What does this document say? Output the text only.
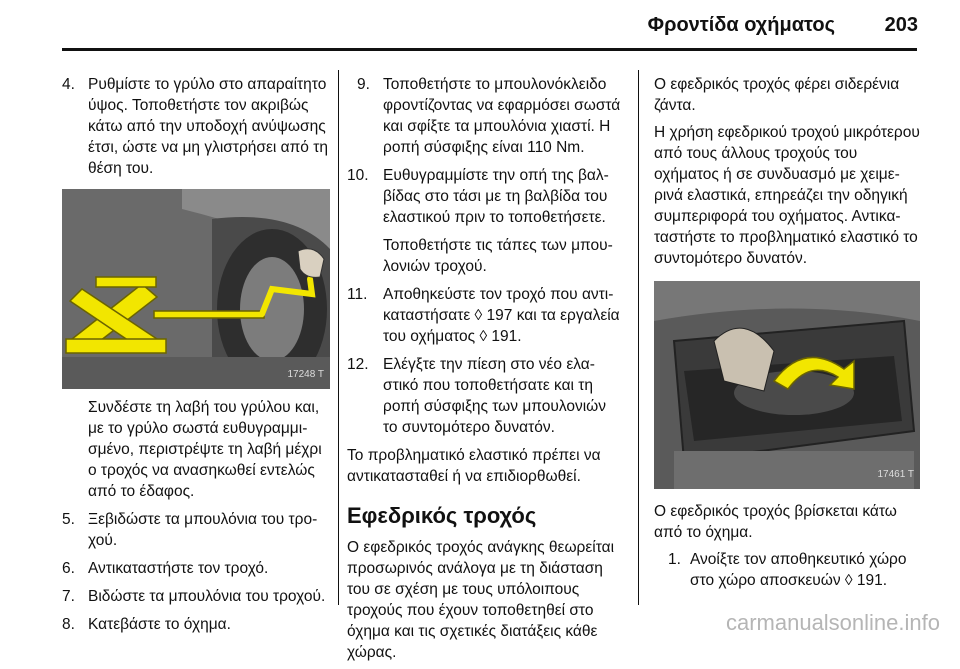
Φροντίδα οχήματος 203
4. Ρυθμίστε το γρύλο στο απαραίτητο ύψος. Τοποθετήστε τον ακριβώς κάτω από την υποδοχή ανύψωσης έτσι, ώστε να μη γλιστρήσει από τη θέση του.
17248 T
Συνδέστε τη λαβή του γρύλου και, με το γρύλο σωστά ευθυγραμμισμένο, περιστρέψτε τη λαβή μέχρι ο τροχός να ανασηκωθεί εντελώς από το έδαφος.
5. Ξεβιδώστε τα μπουλόνια του τροχού.
6. Αντικαταστήστε τον τροχό.
7. Βιδώστε τα μπουλόνια του τροχού.
8. Κατεβάστε το όχημα.
9. Τοποθετήστε το μπουλονόκλειδο φροντίζοντας να εφαρμόσει σωστά και σφίξτε τα μπουλόνια χιαστί. Η ροπή σύσφιξης είναι 110 Nm.
10. Ευθυγραμμίστε την οπή της βαλβίδας στο τάσι με τη βαλβίδα του ελαστικού πριν το τοποθετήσετε.
Τοποθετήστε τις τάπες των μπουλονιών τροχού.
11. Αποθηκεύστε τον τροχό που αντικαταστήσατε ◊ 197 και τα εργαλεία του οχήματος ◊ 191.
12. Ελέγξτε την πίεση στο νέο ελαστικό που τοποθετήσατε και τη ροπή σύσφιξης των μπουλονιών το συντομότερο δυνατόν.
Το προβληματικό ελαστικό πρέπει να αντικατασταθεί ή να επιδιορθωθεί.
Εφεδρικός τροχός
Ο εφεδρικός τροχός ανάγκης θεωρείται προσωρινός ανάλογα με τη διάσταση του σε σχέση με τους υπόλοιπους τροχούς που έχουν τοποθετηθεί στο όχημα και τις σχετικές διατάξεις κάθε χώρας.
Ο εφεδρικός τροχός φέρει σιδερένια ζάντα.
Η χρήση εφεδρικού τροχού μικρότερου από τους άλλους τροχούς του οχήματος ή σε συνδυασμό με χειμερινά ελαστικά, επηρεάζει την οδηγική συμπεριφορά του οχήματος. Αντικαταστήστε το προβληματικό ελαστικό το συντομότερο δυνατόν.
17461 T
Ο εφεδρικός τροχός βρίσκεται κάτω από το όχημα.
1. Ανοίξτε τον αποθηκευτικό χώρο στο χώρο αποσκευών ◊ 191.
carmanualsonline.info
